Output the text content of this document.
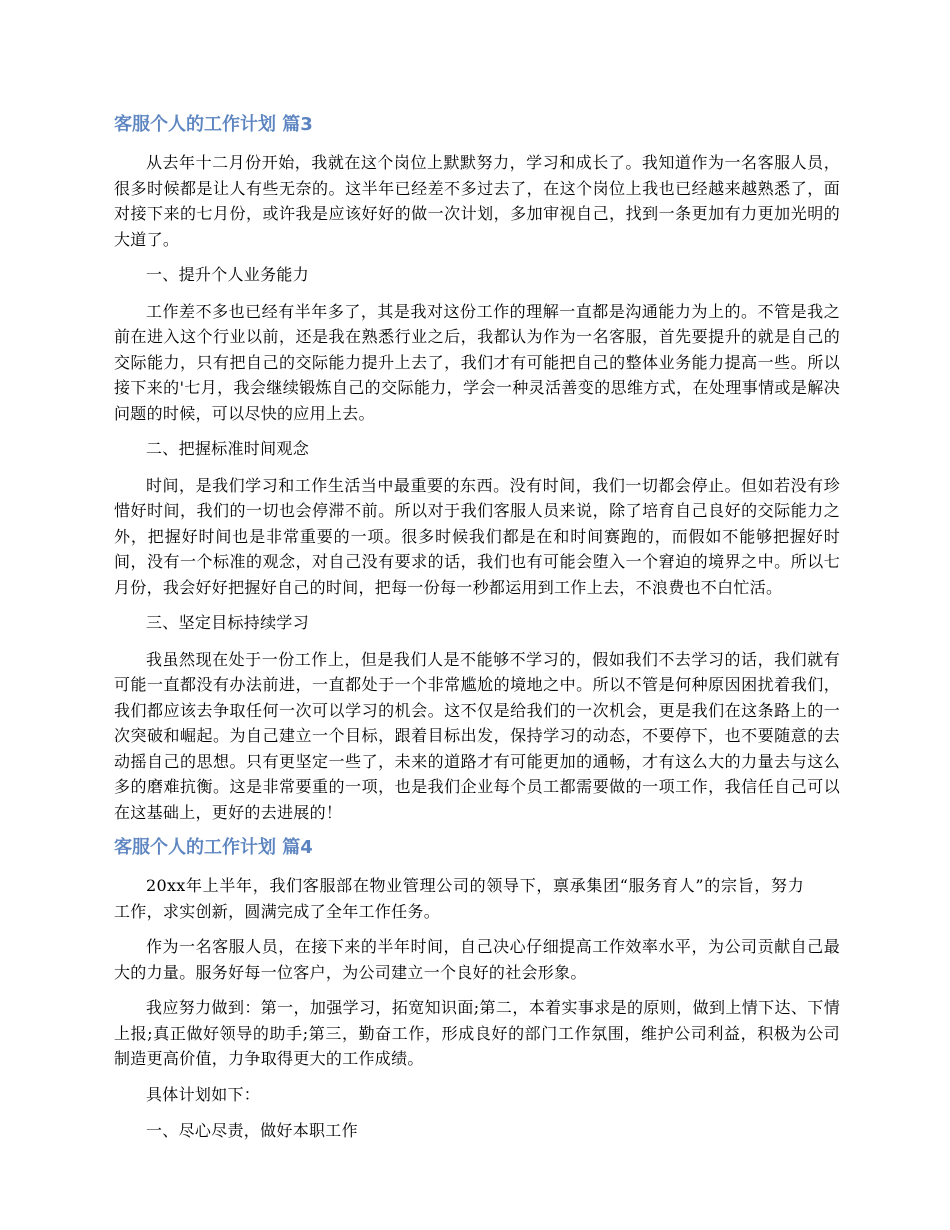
客服个人的工作计划 篇3

从去年十二月份开始，我就在这个岗位上默默努力，学习和成长了。我知道作为一名客服人员，很多时候都是让人有些无奈的。这半年已经差不多过去了，在这个岗位上我也已经越来越熟悉了，面对接下来的七月份，或许我是应该好好的做一次计划，多加审视自己，找到一条更加有力更加光明的大道了。

一、提升个人业务能力

工作差不多也已经有半年多了，其是我对这份工作的理解一直都是沟通能力为上的。不管是我之前在进入这个行业以前，还是我在熟悉行业之后，我都认为作为一名客服，首先要提升的就是自己的交际能力，只有把自己的交际能力提升上去了，我们才有可能把自己的整体业务能力提高一些。所以接下来的'七月，我会继续锻炼自己的交际能力，学会一种灵活善变的思维方式，在处理事情或是解决问题的时候，可以尽快的应用上去。

二、把握标准时间观念

时间，是我们学习和工作生活当中最重要的东西。没有时间，我们一切都会停止。但如若没有珍惜好时间，我们的一切也会停滞不前。所以对于我们客服人员来说，除了培育自己良好的交际能力之外，把握好时间也是非常重要的一项。很多时候我们都是在和时间赛跑的，而假如不能够把握好时间，没有一个标准的观念，对自己没有要求的话，我们也有可能会堕入一个窘迫的境界之中。所以七月份，我会好好把握好自己的时间，把每一份每一秒都运用到工作上去，不浪费也不白忙活。

三、坚定目标持续学习

我虽然现在处于一份工作上，但是我们人是不能够不学习的，假如我们不去学习的话，我们就有可能一直都没有办法前进，一直都处于一个非常尴尬的境地之中。所以不管是何种原因困扰着我们，我们都应该去争取任何一次可以学习的机会。这不仅是给我们的一次机会，更是我们在这条路上的一次突破和崛起。为自己建立一个目标，跟着目标出发，保持学习的动态，不要停下，也不要随意的去动摇自己的思想。只有更坚定一些了，未来的道路才有可能更加的通畅，才有这么大的力量去与这么多的磨难抗衡。这是非常要重的一项，也是我们企业每个员工都需要做的一项工作，我信任自己可以在这基础上，更好的去进展的！

客服个人的工作计划 篇4

20xx年上半年，我们客服部在物业管理公司的领导下，禀承集团“服务育人”的宗旨，努力工作，求实创新，圆满完成了全年工作任务。

作为一名客服人员，在接下来的半年时间，自己决心仔细提高工作效率水平，为公司贡献自己最大的力量。服务好每一位客户，为公司建立一个良好的社会形象。

我应努力做到：第一，加强学习，拓宽知识面;第二，本着实事求是的原则，做到上情下达、下情上报;真正做好领导的助手;第三，勤奋工作，形成良好的部门工作氛围，维护公司利益，积极为公司制造更高价值，力争取得更大的工作成绩。

具体计划如下：

一、尽心尽责，做好本职工作
